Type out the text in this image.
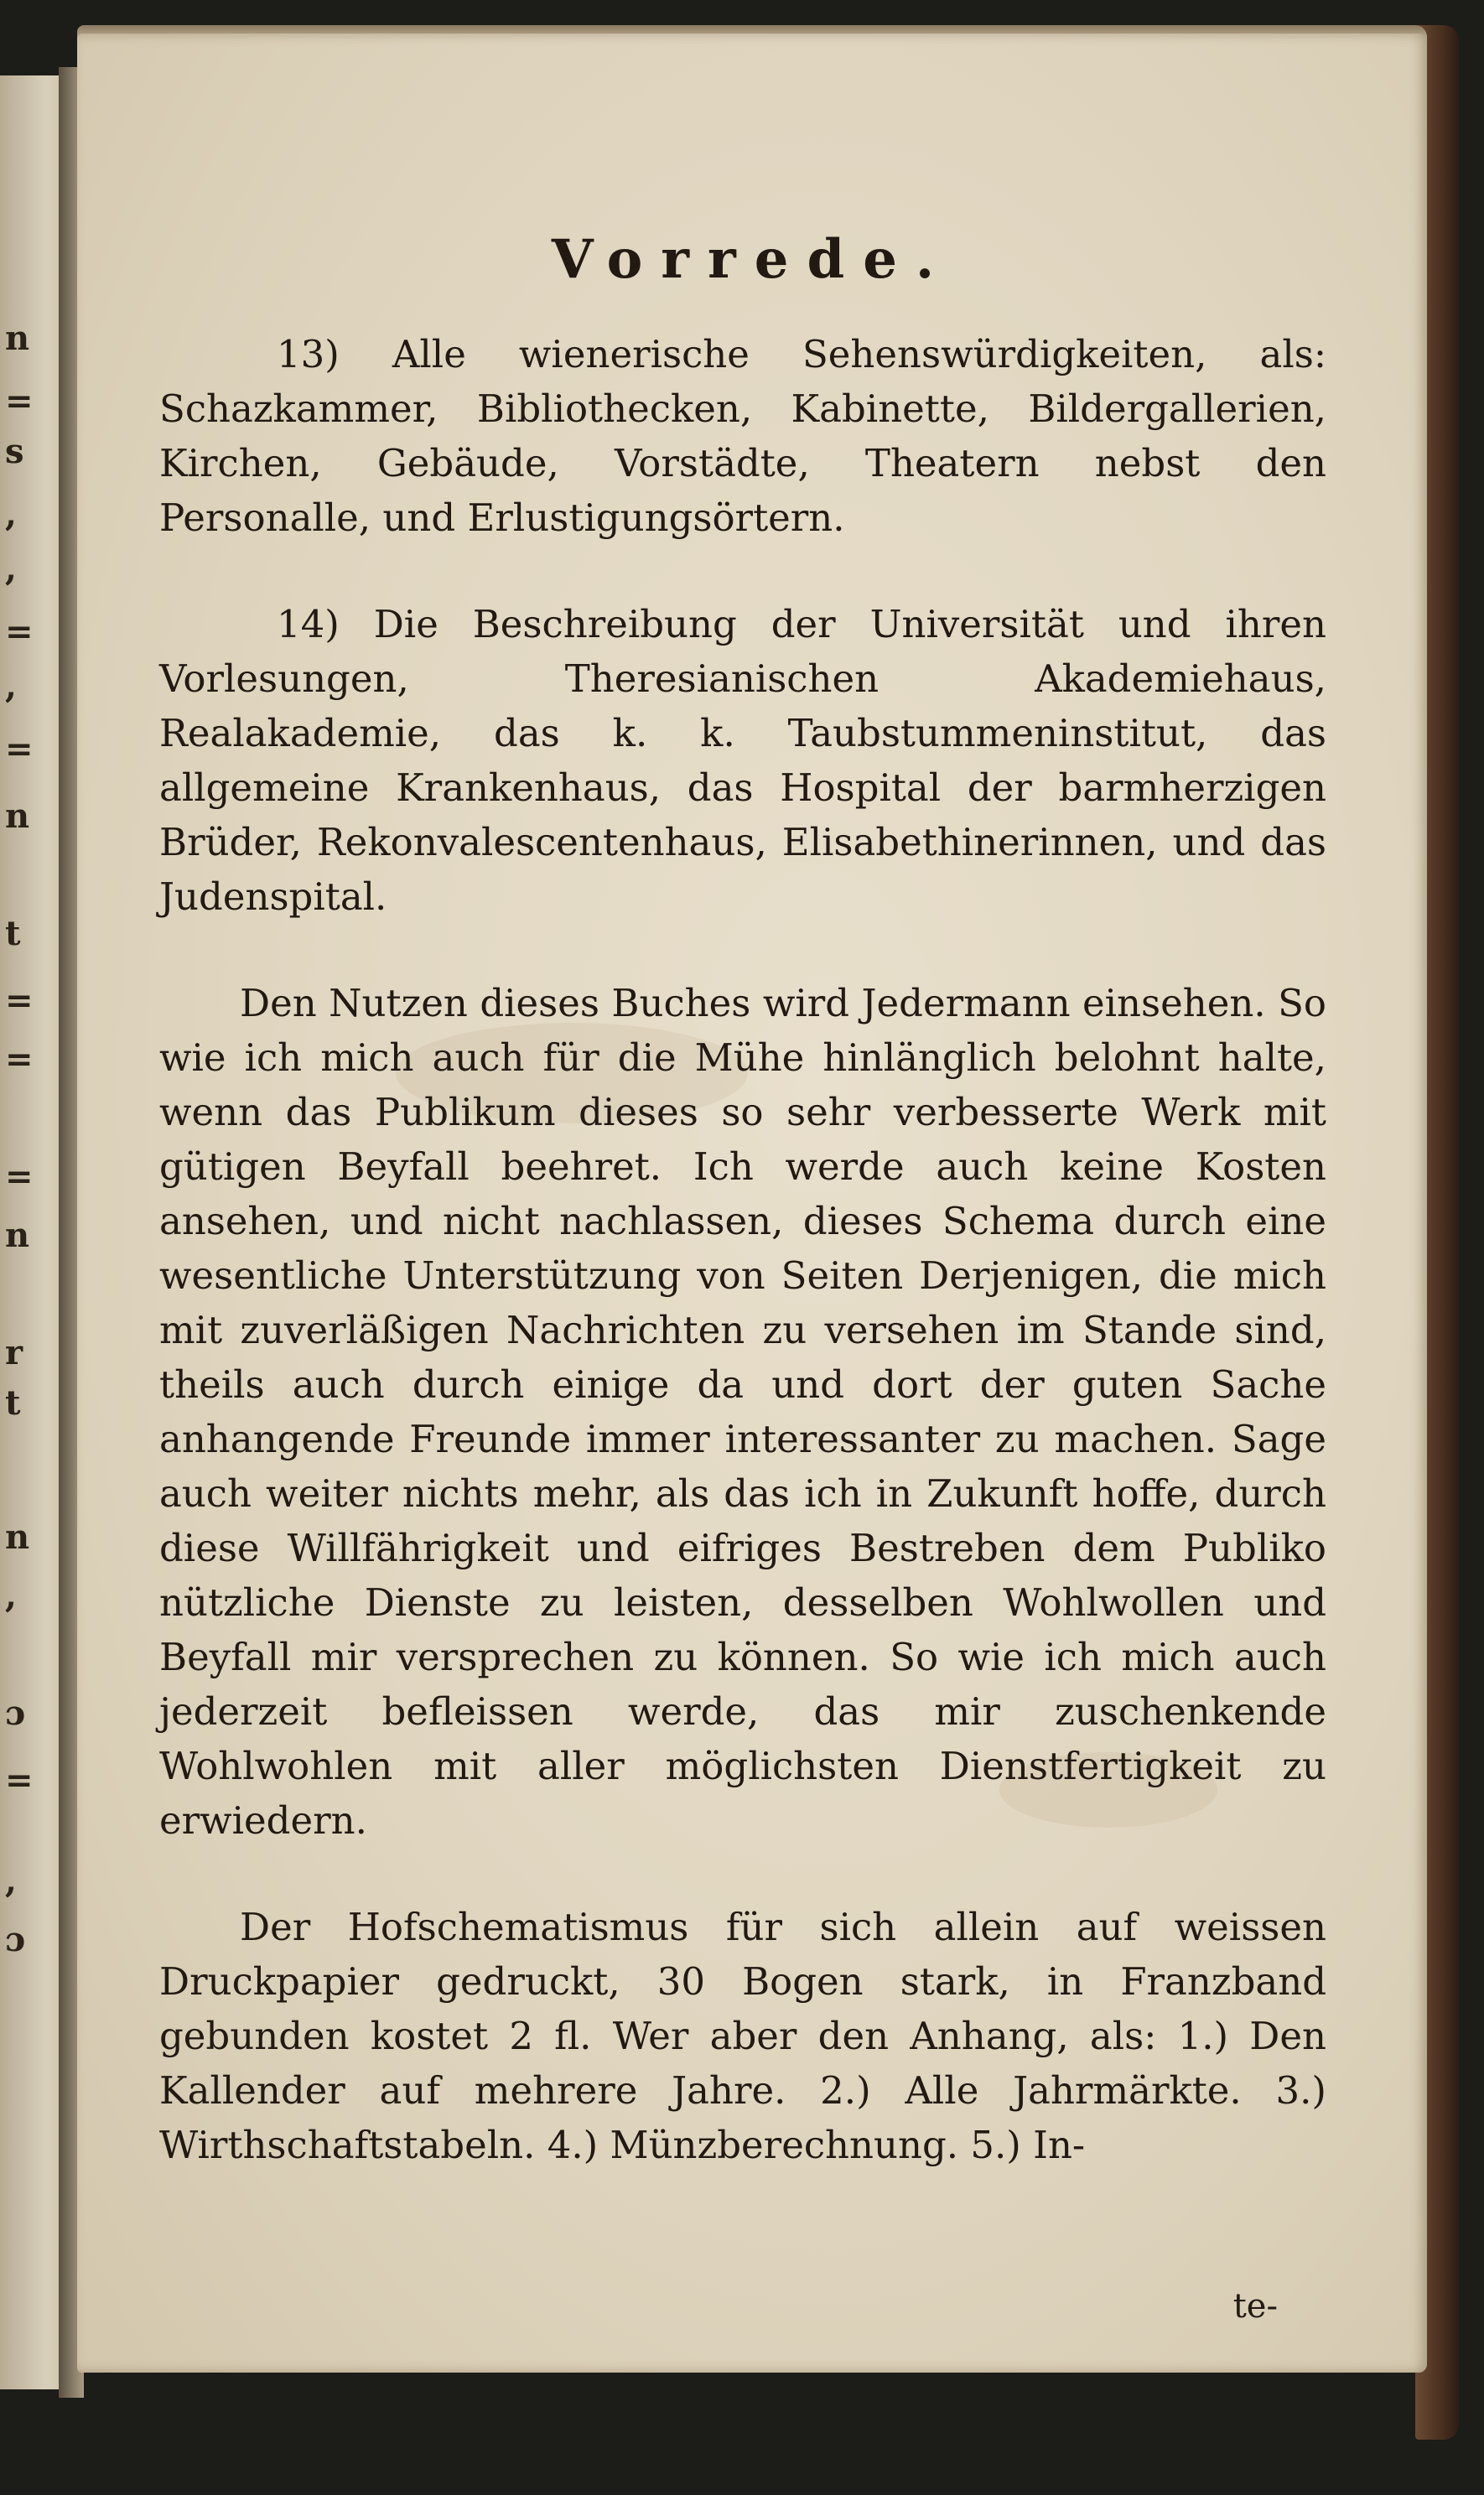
n
=
s
,
,
=
,
=
n
t
=
=
=
n
r
t
n
,
ɔ
=
,
ɔ
Vorrede.

13) Alle wienerische Sehenswürdigkeiten, als: Schazkammer, Bibliothecken, Kabinette, Bildergallerien, Kirchen, Gebäude, Vorstädte, Theatern nebst den Personalle, und Erlustigungsörtern.

14) Die Beschreibung der Universität und ihren Vorlesungen, Theresianischen Akademiehaus, Realakademie, das k. k. Taubstummeninstitut, das allgemeine Krankenhaus, das Hospital der barmherzigen Brüder, Rekonvalescentenhaus, Elisabethinerinnen, und das Judenspital.

Den Nutzen dieses Buches wird Jedermann einsehen. So wie ich mich auch für die Mühe hinlänglich belohnt halte, wenn das Publikum dieses so sehr verbesserte Werk mit gütigen Beyfall beehret. Ich werde auch keine Kosten ansehen, und nicht nachlassen, dieses Schema durch eine wesentliche Unterstützung von Seiten Derjenigen, die mich mit zuverläßigen Nachrichten zu versehen im Stande sind, theils auch durch einige da und dort der guten Sache anhangende Freunde immer interessanter zu machen. Sage auch weiter nichts mehr, als das ich in Zukunft hoffe, durch diese Willfährigkeit und eifriges Bestreben dem Publiko nützliche Dienste zu leisten, desselben Wohlwollen und Beyfall mir versprechen zu können. So wie ich mich auch jederzeit befleissen werde, das mir zuschenkende Wohlwohlen mit aller möglichsten Dienstfertigkeit zu erwiedern.

Der Hofschematismus für sich allein auf weissen Druckpapier gedruckt, 30 Bogen stark, in Franzband gebunden kostet 2 fl. Wer aber den Anhang, als: 1.) Den Kallender auf mehrere Jahre. 2.) Alle Jahrmärkte. 3.) Wirthschaftstabeln. 4.) Münzberechnung. 5.) In-

te-
